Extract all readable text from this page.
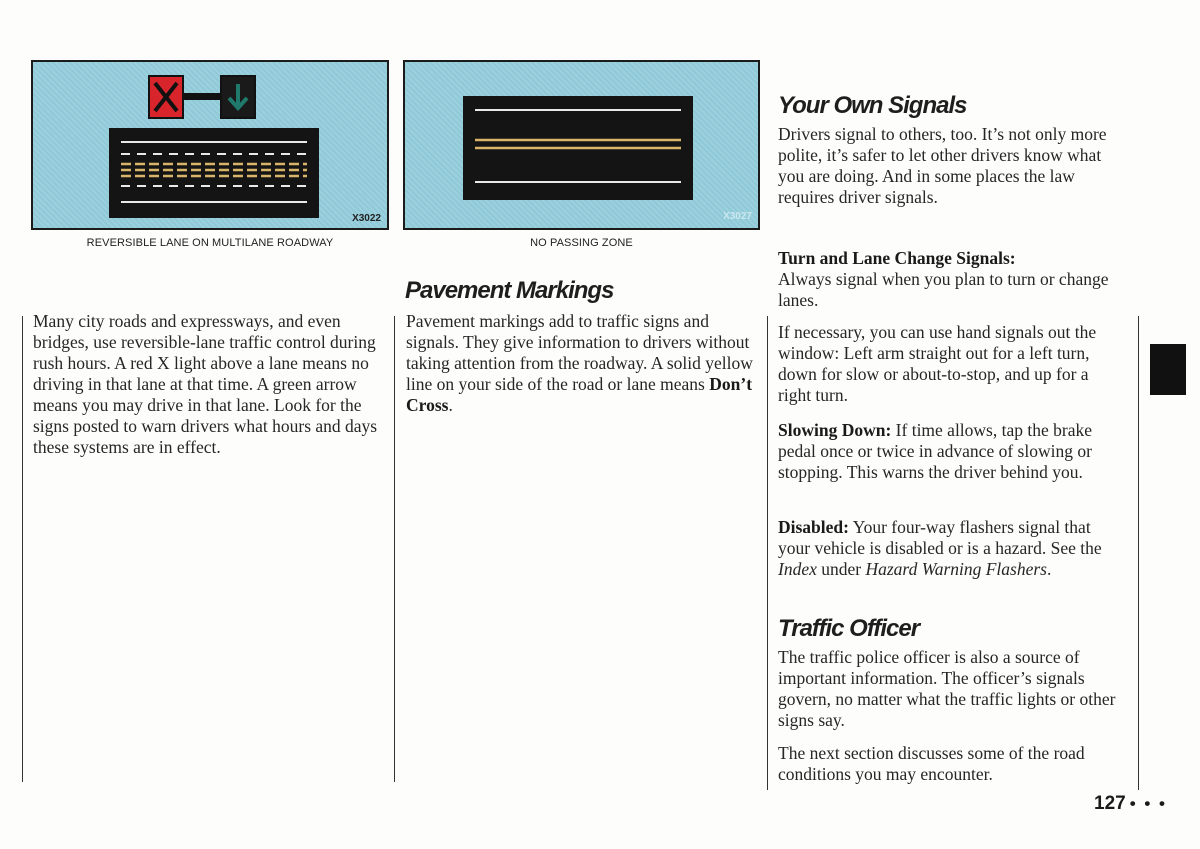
X3022
REVERSIBLE LANE ON MULTILANE ROADWAY
X3027
NO PASSING ZONE
Many city roads and expressways, and even bridges, use reversible-lane traffic control during rush hours. A red X light above a lane means no driving in that lane at that time. A green arrow means you may drive in that lane. Look for the signs posted to warn drivers what hours and days these systems are in effect.
Pavement Markings
Pavement markings add to traffic signs and signals. They give information to drivers without taking attention from the roadway. A solid yellow line on your side of the road or lane means Don’t Cross.
Your Own Signals
Drivers signal to others, too. It’s not only more polite, it’s safer to let other drivers know what you are doing. And in some places the law requires driver signals.
Turn and Lane Change Signals:
Always signal when you plan to turn or change lanes.
If necessary, you can use hand signals out the window: Left arm straight out for a left turn, down for slow or about-to-stop, and up for a right turn.
Slowing Down: If time allows, tap the brake pedal once or twice in advance of slowing or stopping. This warns the driver behind you.
Disabled: Your four-way flashers signal that your vehicle is disabled or is a hazard. See the Index under Hazard Warning Flashers.
Traffic Officer
The traffic police officer is also a source of important information. The officer’s signals govern, no matter what the traffic lights or other signs say.
The next section discusses some of the road conditions you may encounter.
127 • • •
